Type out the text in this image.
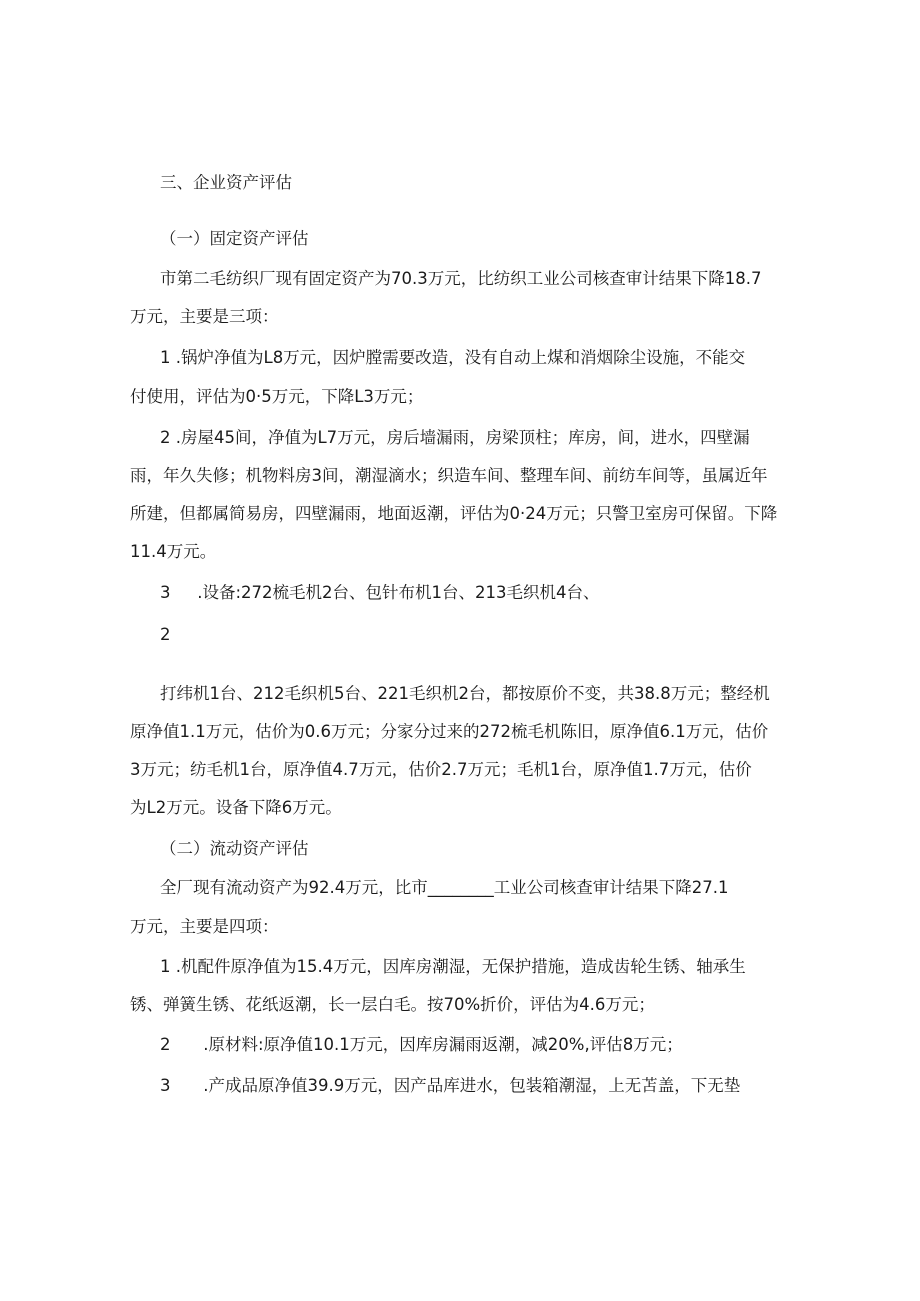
三、企业资产评估

（一）固定资产评估

市第二毛纺织厂现有固定资产为70.3万元，比纺织工业公司核查审计结果下降18.7

万元，主要是三项：

1 .锅炉净值为L8万元，因炉膛需要改造，没有自动上煤和消烟除尘设施，不能交

付使用，评估为0·5万元，下降L3万元；

2 .房屋45间，净值为L7万元，房后墙漏雨，房梁顶柱；库房，间，进水，四壁漏

雨，年久失修；机物料房3间，潮湿滴水；织造车间、整理车间、前纺车间等，虽属近年

所建，但都属简易房，四壁漏雨，地面返潮，评估为0·24万元；只警卫室房可保留。下降

11.4万元。

3 .设备:272梳毛机2台、包针布机1台、213毛织机4台、

2

打纬机1台、212毛织机5台、221毛织机2台，都按原价不变，共38.8万元；整经机

原净值1.1万元，估价为0.6万元；分家分过来的272梳毛机陈旧，原净值6.1万元，估价

3万元；纺毛机1台，原净值4.7万元，估价2.7万元；毛机1台，原净值1.7万元，估价

为L2万元。设备下降6万元。

（二）流动资产评估

全厂现有流动资产为92.4万元，比市________工业公司核查审计结果下降27.1

万元，主要是四项：

1 .机配件原净值为15.4万元，因库房潮湿，无保护措施，造成齿轮生锈、轴承生

锈、弹簧生锈、花纸返潮，长一层白毛。按70%折价，评估为4.6万元；

2 .原材料:原净值10.1万元，因库房漏雨返潮，减20%,评估8万元；

3 .产成品原净值39.9万元，因产品库进水，包装箱潮湿，上无苫盖，下无垫
